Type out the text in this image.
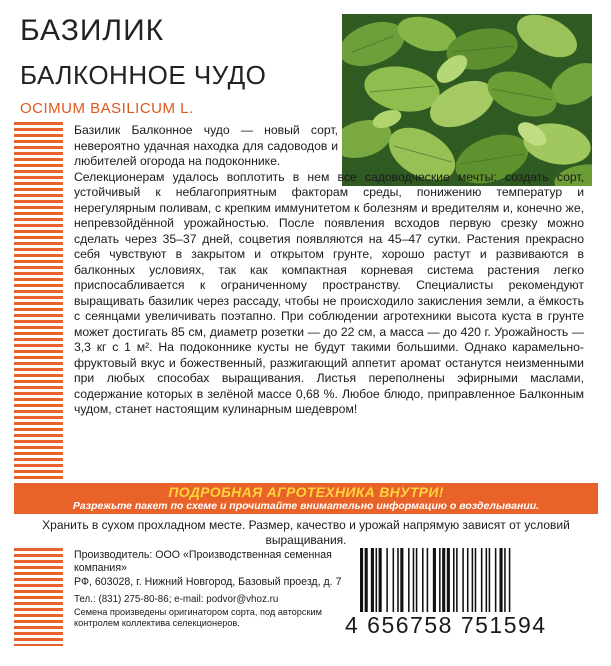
БАЗИЛИК
БАЛКОННОЕ ЧУДО
OCIMUM BASILICUM L.

Базилик Балконное чудо — новый сорт, невероятно удачная находка для садоводов и любителей огорода на подоконнике.

Селекционерам удалось воплотить в нем все садоводческие мечты: создать сорт, устойчивый к неблагоприятным факторам среды, понижению температур и нерегулярным поливам, с крепким иммунитетом к болезням и вредителям и, конечно же, непревзойдённой урожайностью. После появления всходов первую срезку можно сделать через 35–37 дней, соцветия появляются на 45–47 сутки. Растения прекрасно себя чувствуют в закрытом и открытом грунте, хорошо растут и развиваются в балконных условиях, так как компактная корневая система растения легко приспосабливается к ограниченному пространству. Специалисты рекомендуют выращивать базилик через рассаду, чтобы не происходило закисления земли, а ёмкость с сеянцами увеличивать поэтапно. При соблюдении агротехники высота куста в грунте может достигать 85 см, диаметр розетки — до 22 см, а масса — до 420 г. Урожайность — 3,3 кг с 1 м². На подоконнике кусты не будут такими большими. Однако карамельно-фруктовый вкус и божественный, разжигающий аппетит аромат останутся неизменными при любых способах выращивания. Листья переполнены эфирными маслами, содержание которых в зелёной массе 0,68 %. Любое блюдо, приправленное Балконным чудом, станет настоящим кулинарным шедевром!

ПОДРОБНАЯ АГРОТЕХНИКА ВНУТРИ!
Разрежьте пакет по схеме и прочитайте внимательно информацию о возделывании.
Хранить в сухом прохладном месте. Размер, качество и урожай напрямую зависят от условий выращивания.
Производитель: ООО «Производственная семенная компания»
РФ, 603028, г. Нижний Новгород, Базовый проезд, д. 7
Тел.: (831) 275-80-86; e-mail: podvor@vhoz.ru
Семена произведены оригинатором сорта, под авторским контролем коллектива селекционеров.	4 656758 751594
